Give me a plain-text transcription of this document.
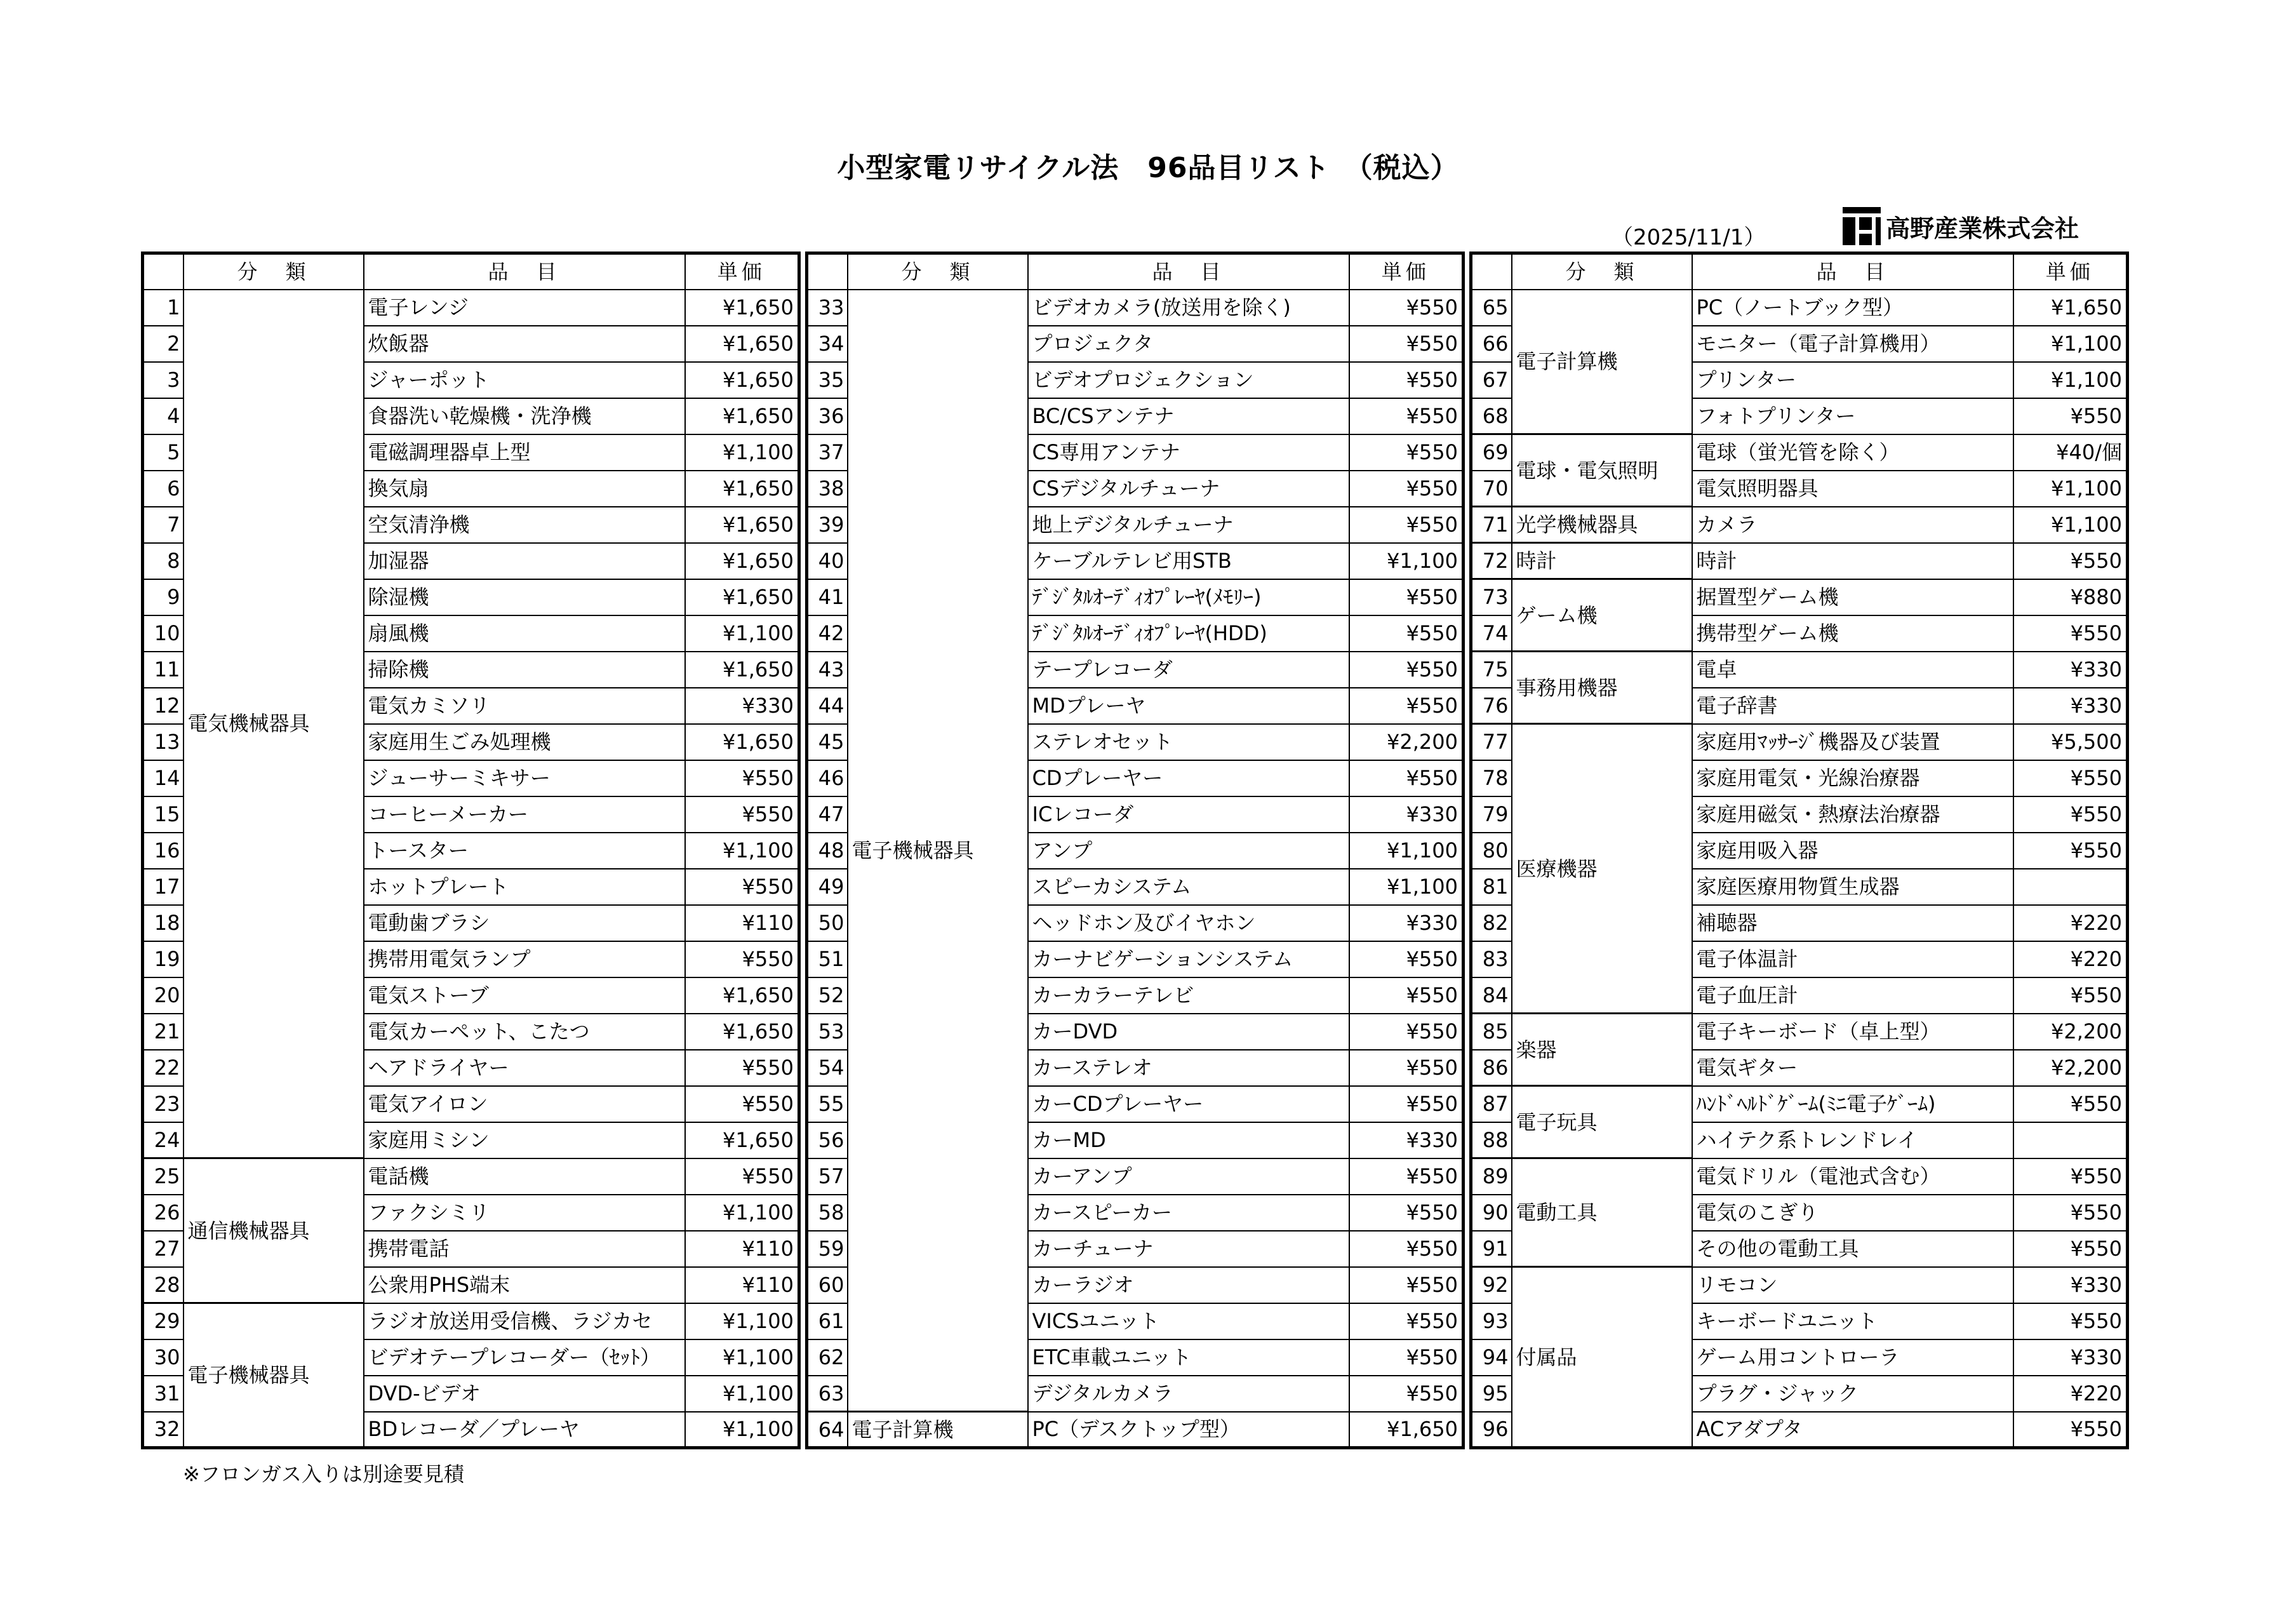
小型家電リサイクル法　96品目リスト　（税込）
（2025/11/1）	高野産業株式会社
	分　類	品　目	単価
1	電気機械器具	電子レンジ	¥1,650
2		炊飯器	¥1,650
3		ジャーポット	¥1,650
4		食器洗い乾燥機・洗浄機	¥1,650
5		電磁調理器卓上型	¥1,100
6		換気扇	¥1,650
7		空気清浄機	¥1,650
8		加湿器	¥1,650
9		除湿機	¥1,650
10		扇風機	¥1,100
11		掃除機	¥1,650
12		電気カミソリ	¥330
13		家庭用生ごみ処理機	¥1,650
14		ジューサーミキサー	¥550
15		コーヒーメーカー	¥550
16		トースター	¥1,100
17		ホットプレート	¥550
18		電動歯ブラシ	¥110
19		携帯用電気ランプ	¥550
20		電気ストーブ	¥1,650
21		電気カーペット、こたつ	¥1,650
22		ヘアドライヤー	¥550
23		電気アイロン	¥550
24		家庭用ミシン	¥1,650
25	通信機械器具	電話機	¥550
26		ファクシミリ	¥1,100
27		携帯電話	¥110
28		公衆用PHS端末	¥110
29	電子機械器具	ラジオ放送用受信機、ラジカセ	¥1,100
30		ビデオテープレコーダー（ｾｯﾄ）	¥1,100
31		DVD-ビデオ	¥1,100
32		BDレコーダ／プレーヤ	¥1,100
	分　類	品　目	単価
33	電子機械器具	ビデオカメラ(放送用を除く)	¥550
34		プロジェクタ	¥550
35		ビデオプロジェクション	¥550
36		BC/CSアンテナ	¥550
37		CS専用アンテナ	¥550
38		CSデジタルチューナ	¥550
39		地上デジタルチューナ	¥550
40		ケーブルテレビ用STB	¥1,100
41		ﾃﾞｼﾞﾀﾙｵｰﾃﾞｨｵﾌﾟﾚｰﾔ(ﾒﾓﾘｰ)	¥550
42		ﾃﾞｼﾞﾀﾙｵｰﾃﾞｨｵﾌﾟﾚｰﾔ(HDD)	¥550
43		テープレコーダ	¥550
44		MDプレーヤ	¥550
45		ステレオセット	¥2,200
46		CDプレーヤー	¥550
47		ICレコーダ	¥330
48		アンプ	¥1,100
49		スピーカシステム	¥1,100
50		ヘッドホン及びイヤホン	¥330
51		カーナビゲーションシステム	¥550
52		カーカラーテレビ	¥550
53		カーDVD	¥550
54		カーステレオ	¥550
55		カーCDプレーヤー	¥550
56		カーMD	¥330
57		カーアンプ	¥550
58		カースピーカー	¥550
59		カーチューナ	¥550
60		カーラジオ	¥550
61		VICSユニット	¥550
62		ETC車載ユニット	¥550
63		デジタルカメラ	¥550
64	電子計算機	PC（デスクトップ型）	¥1,650
	分　類	品　目	単価
65	電子計算機	PC（ノートブック型）	¥1,650
66		モニター（電子計算機用）	¥1,100
67		プリンター	¥1,100
68		フォトプリンター	¥550
69	電球・電気照明	電球（蛍光管を除く）	¥40/個
70		電気照明器具	¥1,100
71	光学機械器具	カメラ	¥1,100
72	時計	時計	¥550
73	ゲーム機	据置型ゲーム機	¥880
74		携帯型ゲーム機	¥550
75	事務用機器	電卓	¥330
76		電子辞書	¥330
77	医療機器	家庭用ﾏｯｻｰｼﾞ機器及び装置	¥5,500
78		家庭用電気・光線治療器	¥550
79		家庭用磁気・熱療法治療器	¥550
80		家庭用吸入器	¥550
81		家庭医療用物質生成器	
82		補聴器	¥220
83		電子体温計	¥220
84		電子血圧計	¥550
85	楽器	電子キーボード（卓上型）	¥2,200
86		電気ギター	¥2,200
87	電子玩具	ﾊﾝﾄﾞﾍﾙﾄﾞｹﾞｰﾑ(ﾐﾆ電子ｹﾞｰﾑ)	¥550
88		ハイテク系トレンドレイ	
89	電動工具	電気ドリル（電池式含む）	¥550
90		電気のこぎり	¥550
91		その他の電動工具	¥550
92	付属品	リモコン	¥330
93		キーボードユニット	¥550
94		ゲーム用コントローラ	¥330
95		プラグ・ジャック	¥220
96		ACアダプタ	¥550
※フロンガス入りは別途要見積
